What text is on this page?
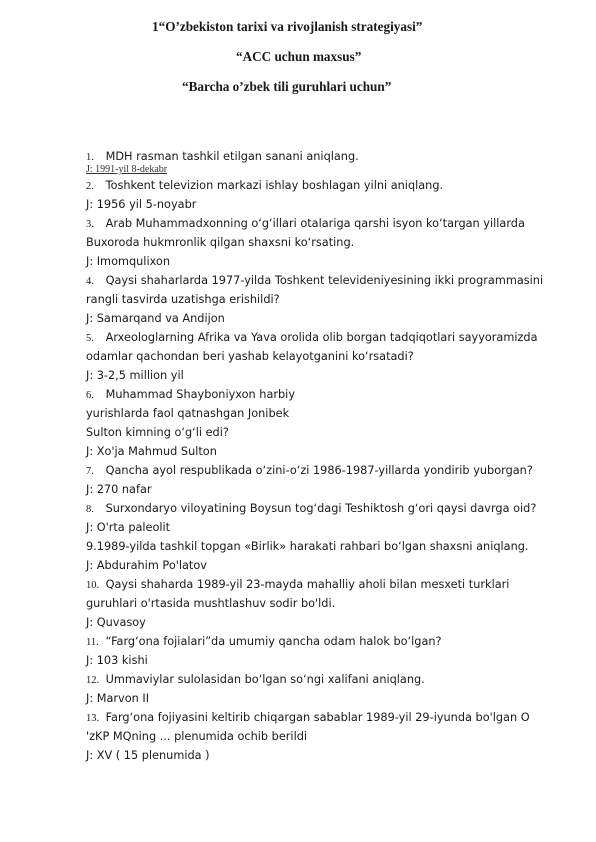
1“O’zbekiston tarixi va rivojlanish strategiyasi”
“ACC uchun maxsus”
“Barcha o’zbek tili guruhlari uchun”
1. MDH rasman tashkil etilgan sanani aniqlang.
J: 1991-yil 8-dekabr
2. Toshkent televizion markazi ishlay boshlagan yilni aniqlang.
J: 1956 yil 5-noyabr
3. Arab Muhammadxonning o‘g‘illari otalariga qarshi isyon ko‘targan yillarda
Buxoroda hukmronlik qilgan shaxsni ko‘rsating.
J: Imomqulixon
4. Qaysi shaharlarda 1977-yilda Toshkent televideniyesining ikki programmasini
rangli tasvirda uzatishga erishildi?
J: Samarqand va Andijon
5. Arxeologlarning Afrika va Yava orolida olib borgan tadqiqotlari sayyoramizda
odamlar qachondan beri yashab kelayotganini ko‘rsatadi?
J: 3-2,5 million yil
6. Muhammad Shayboniyxon harbiy
yurishlarda faol qatnashgan Jonibek
Sulton kimning o‘g‘li edi?
J: Xo'ja Mahmud Sulton
7. Qancha ayol respublikada o‘zini-o‘zi 1986-1987-yillarda yondirib yuborgan?
J: 270 nafar
8. Surxondaryo viloyatining Boysun tog‘dagi Teshiktosh g‘ori qaysi davrga oid?
J: O'rta paleolit
9.1989-yilda tashkil topgan «Birlik» harakati rahbari bo‘lgan shaxsni aniqlang.
J: Abdurahim Po'latov
10. Qaysi shaharda 1989-yil 23-mayda mahalliy aholi bilan mesxeti turklari
guruhlari o'rtasida mushtlashuv sodir bo'ldi.
J: Quvasoy
11. “Farg‘ona fojialari”da umumiy qancha odam halok bo‘lgan?
J: 103 kishi
12. Ummaviylar sulolasidan bo‘lgan so‘ngi xalifani aniqlang.
J: Marvon II
13. Farg‘ona fojiyasini keltirib chiqargan sabablar 1989-yil 29-iyunda bo'lgan O
'zKP MQning ... plenumida ochib berildi
J: XV ( 15 plenumida )
